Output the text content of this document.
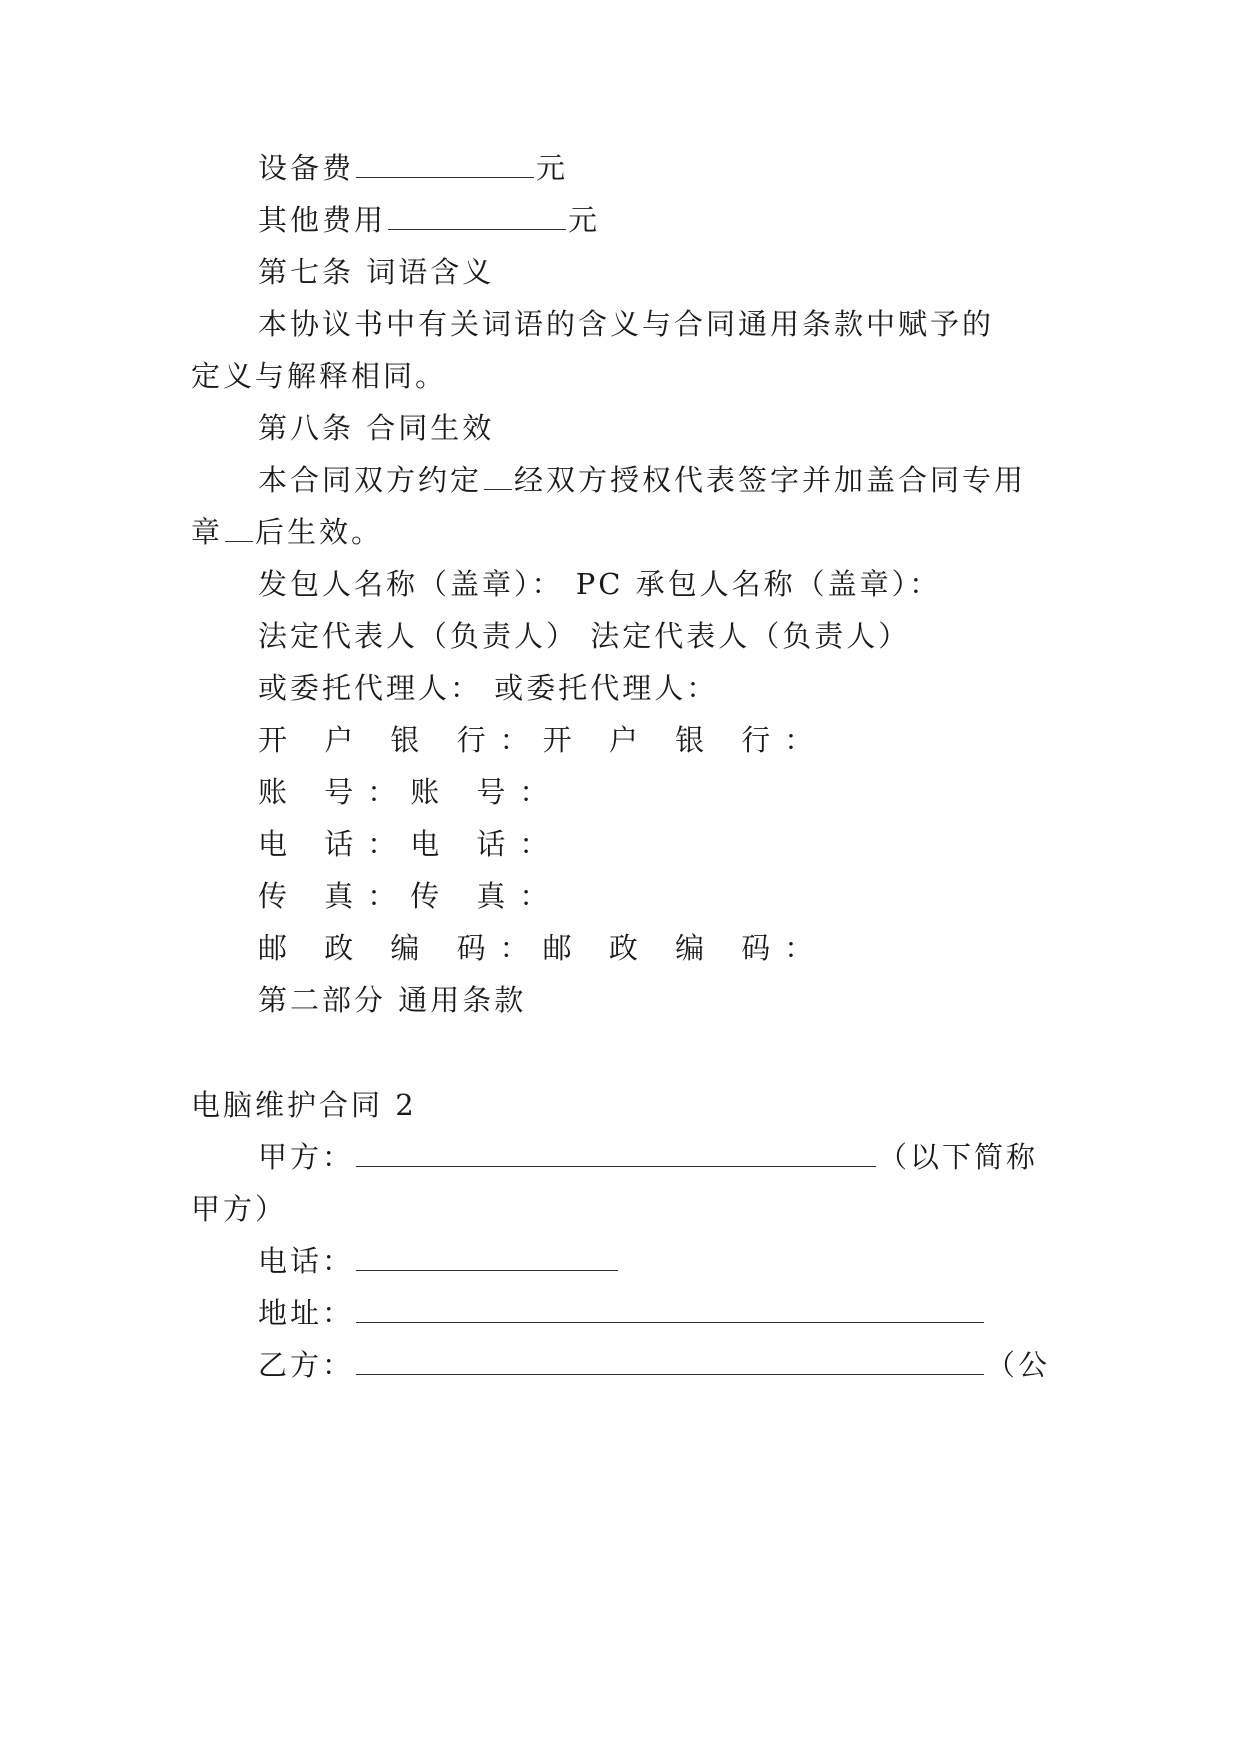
设备费	元
其他费用	元
第七条 词语含义
本协议书中有关词语的含义与合同通用条款中赋予的
定义与解释相同。
第八条 合同生效
本合同双方约定 经双方授权代表签字并加盖合同专用
章 后生效。
发包人名称（盖章）： PC 承包人名称（盖章）：
法定代表人（负责人） 法定代表人（负责人）
或委托代理人： 或委托代理人：
开 户 银 行：开 户 银 行：
账 号：账 号：
电 话：电 话：
传 真：传 真：
邮 政 编 码：邮 政 编 码：
第二部分 通用条款
电脑维护合同 2
甲方：	（以下简称
甲方）
电话：
地址：
乙方：	（公
